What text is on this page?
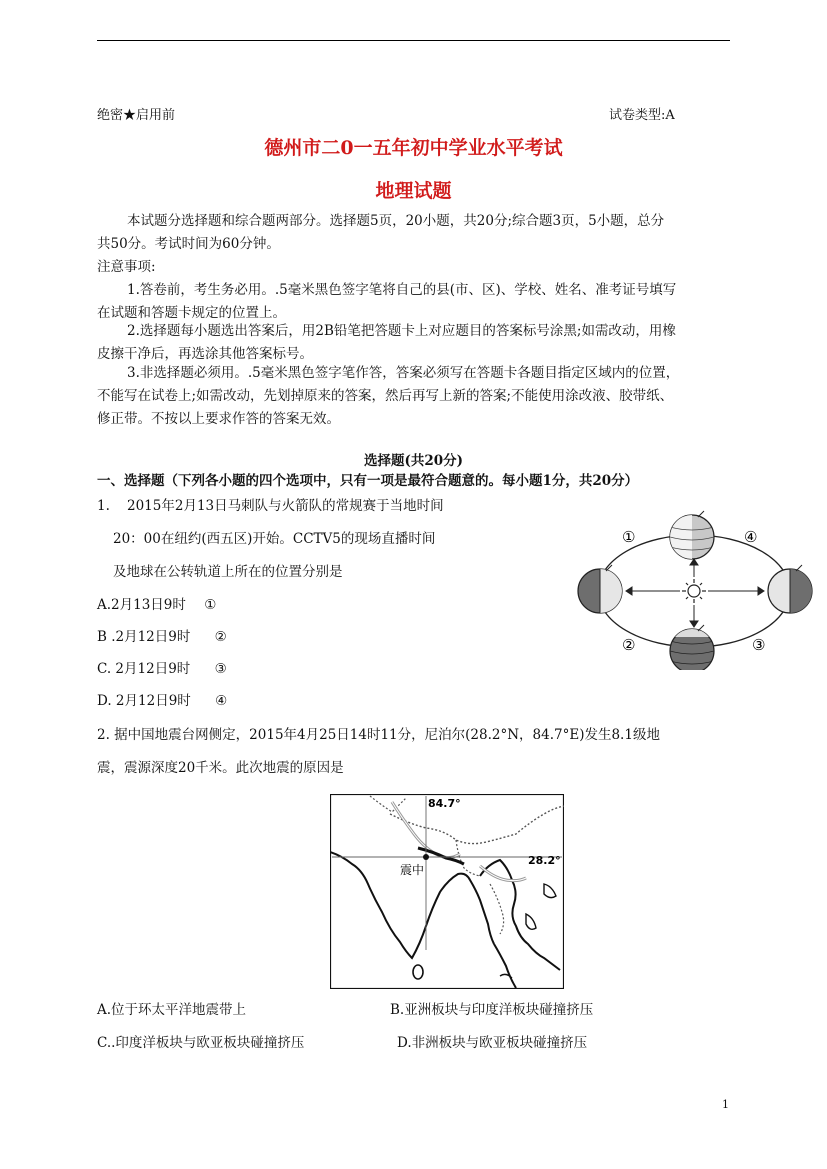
绝密★启用前	试卷类型:A
德州市二0一五年初中学业水平考试
地理试题
本试题分选择题和综合题两部分。选择题5页，20小题，共20分;综合题3页，5小题，总分
共50分。考试时间为60分钟。
注意事项:
1.答卷前，考生务必用。.5毫米黑色签字笔将自己的县(市、区)、学校、姓名、准考证号填写
在试题和答题卡规定的位置上。
2.选择题每小题选出答案后，用2B铅笔把答题卡上对应题目的答案标号涂黑;如需改动，用橡
皮擦干净后，再选涂其他答案标号。
3.非选择题必须用。.5毫米黑色签字笔作答，答案必须写在答题卡各题目指定区域内的位置，
不能写在试卷上;如需改动，先划掉原来的答案，然后再写上新的答案;不能使用涂改液、胶带纸、
修正带。不按以上要求作答的答案无效。
选择题(共20分)
一、选择题（下列各小题的四个选项中，只有一项是最符合题意的。每小题1分，共20分）
1. 2015年2月13日马刺队与火箭队的常规赛于当地时间
20：00在纽约(西五区)开始。CCTV5的现场直播时间
及地球在公转轨道上所在的位置分别是
A.2月13日9时 ①
B .2月12日9时 ②
C. 2月12日9时 ③
D. 2月12日9时 ④
①
②	③
④
2. 据中国地震台网侧定，2015年4月25日14时11分，尼泊尔(28.2°N，84.7°E)发生8.1级地
震，震源深度20千米。此次地震的原因是
84.7°
28.2°
震中
A.位于环太平洋地震带上	B.亚洲板块与印度洋板块碰撞挤压
C..印度洋板块与欧亚板块碰撞挤压	D.非洲板块与欧亚板块碰撞挤压
1
